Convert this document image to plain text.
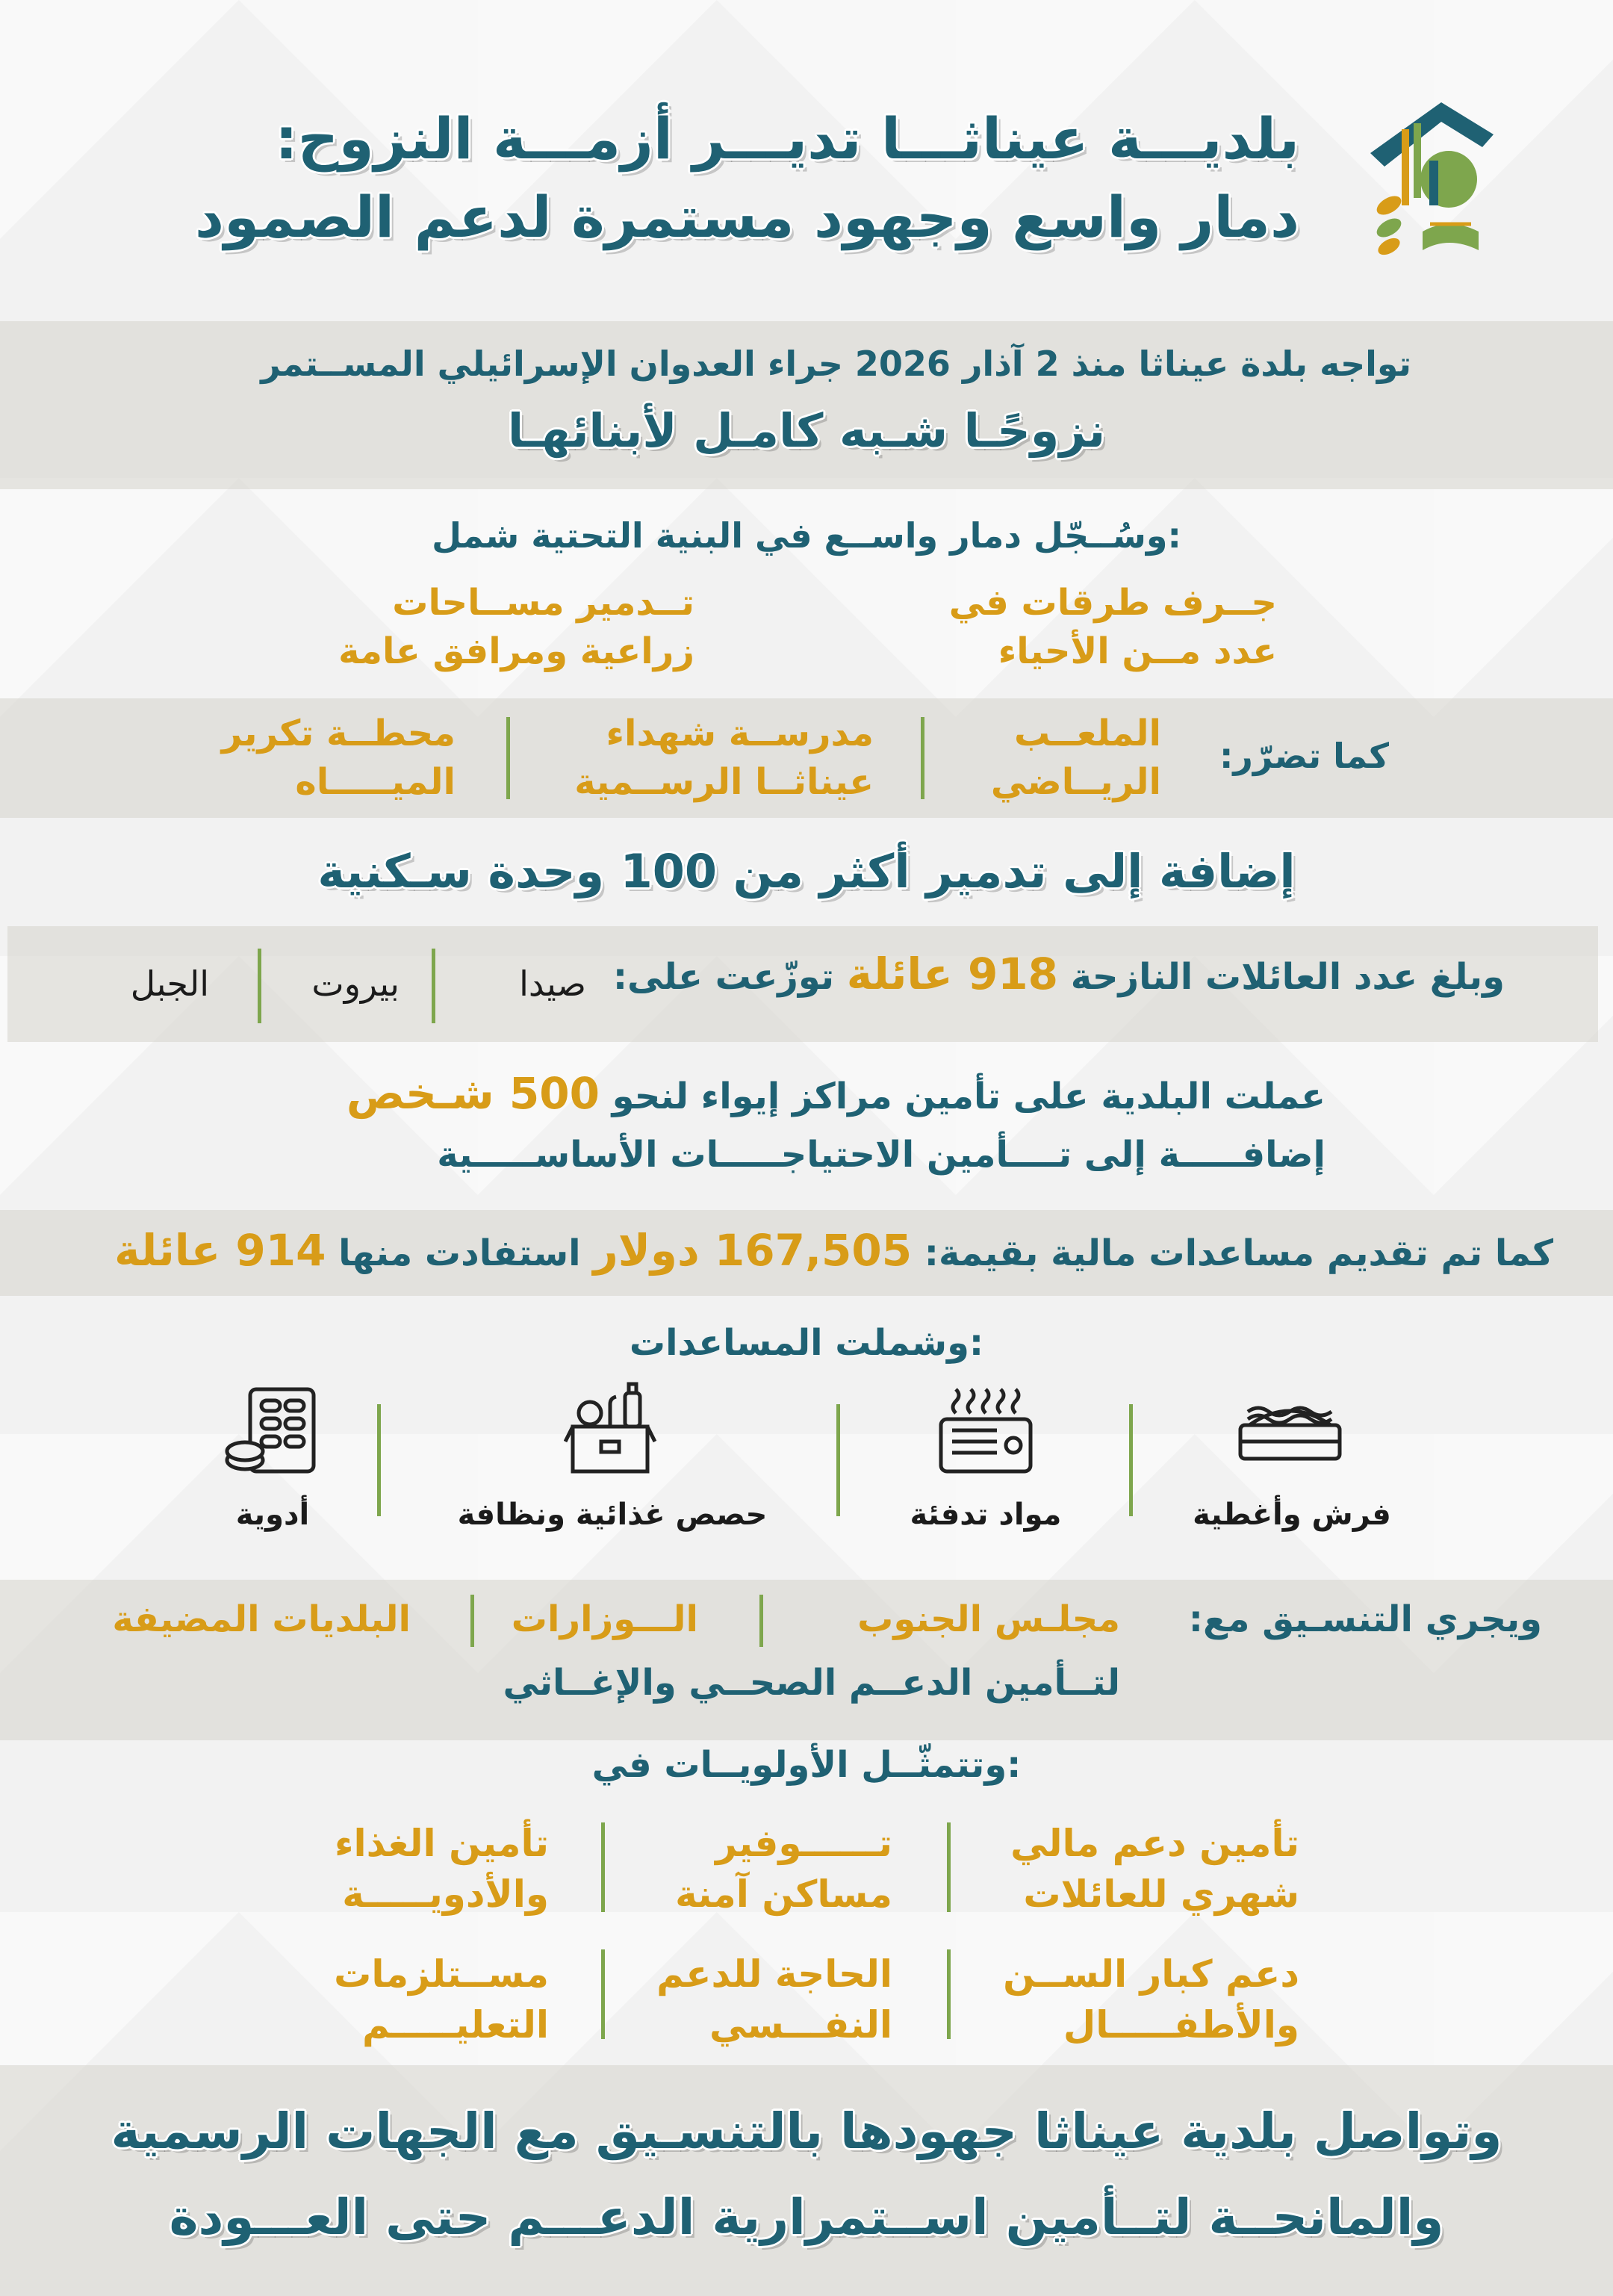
بلديـــة عيناثـــا تديـــر أزمـــة النزوح:
دمار واسع وجهود مستمرة لدعم الصمود
تواجه بلدة عيناثا منذ 2 آذار 2026 جراء العدوان الإسرائيلي المســتمر
نزوحًـا شـبه كامـل لأبنائهـا
وسُــجّل دمار واســع في البنية التحتية شمل:
جــرف طرقات في
عدد مــن الأحياء
تــدمير مســاحات
زراعية ومرافق عامة
كما تضرّر:
الملعــب
الريــاضي
مدرســة شهداء
عيناثــا الرســمية
محطــة تكرير
الميـــــاه
إضافة إلى تدمير أكثر من 100 وحدة سـكنية
وبلغ عدد العائلات النازحة 918 عائلة توزّعت على:
صيدا
بيروت
الجبل
عملت البلدية على تأمين مراكز إيواء لنحو 500 شـخص
إضافـــــة إلى تــــأمين الاحتياجـــــات الأساســـــية
كما تم تقديم مساعدات مالية بقيمة: 167,505 دولار استفادت منها 914 عائلة
وشملت المساعدات:
فرش وأغطية
مواد تدفئة
حصص غذائية ونظافة
أدوية
ويجري التنسـيق مع:
مجلـس الجنوب
الـــوزارات
البلديات المضيفة
لتــأمين الدعــم الصحــي والإغــاثي
وتتمثّــل الأولويــات في:
تأمين دعم مالي
شهري للعائلات
تــــــوفير
مساكن آمنة
تأمين الغذاء
والأدويـــــة
دعم كبار الســن
والأطفـــــال
الحاجة للدعم
النفـــسي
مســتلزمات
التعليـــــم
وتواصل بلدية عيناثا جهودها بالتنسـيق مع الجهات الرسمية
والمانحــة لتــأمين اســتمرارية الدعـــم حتى العـــودة
